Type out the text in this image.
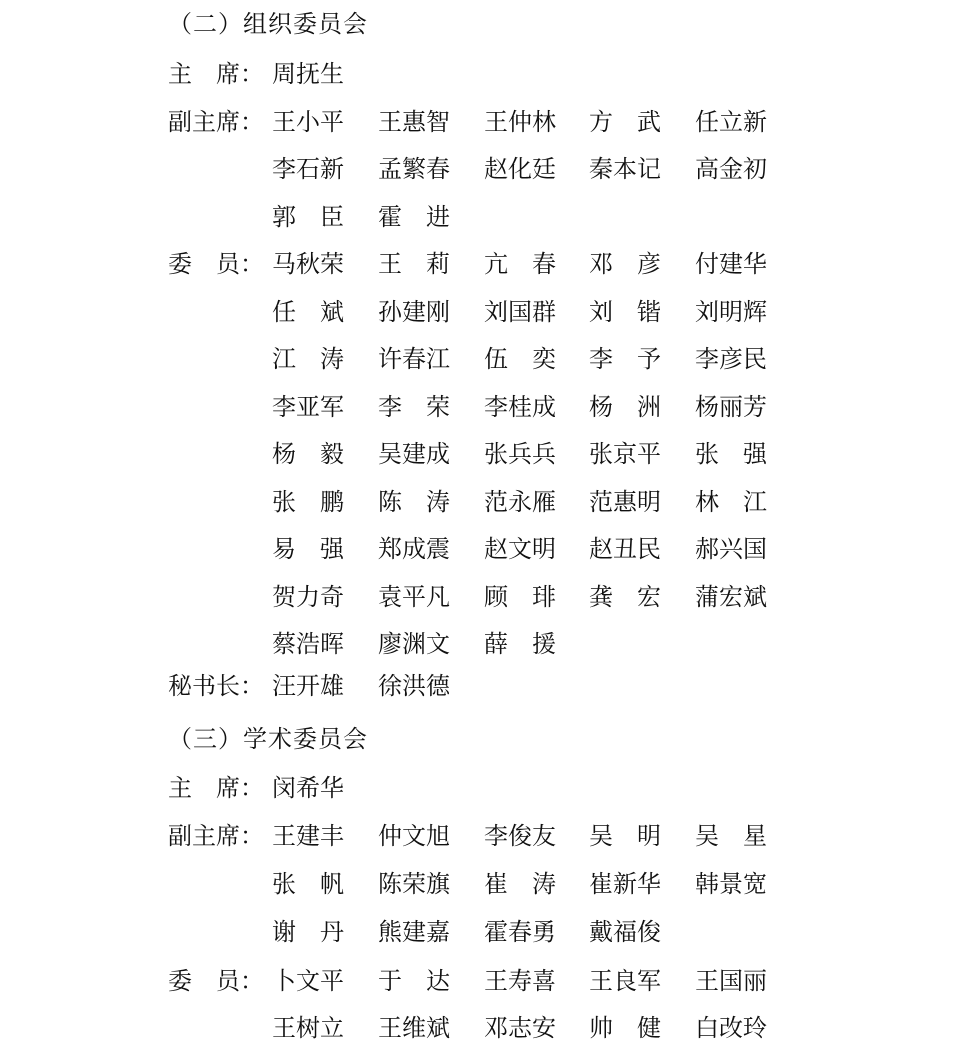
（二）组织委员会
主　席： 周抚生
副主席： 王小平	王惠智	王仲林	方　武	任立新
李石新	孟繁春	赵化廷	秦本记	高金初
郭　臣	霍　进
委　员： 马秋荣	王　莉	亢　春	邓　彦	付建华
任　斌	孙建刚	刘国群	刘　锴	刘明辉
江　涛	许春江	伍　奕	李　予	李彦民
李亚军	李　荣	李桂成	杨　洲	杨丽芳
杨　毅	吴建成	张兵兵	张京平	张　强
张　鹏	陈　涛	范永雁	范惠明	林　江
易　强	郑成震	赵文明	赵丑民	郝兴国
贺力奇	袁平凡	顾　琲	龚　宏	蒲宏斌
蔡浩晖	廖渊文	薛　援
秘书长： 汪开雄	徐洪德
（三）学术委员会
主　席： 闵希华
副主席： 王建丰	仲文旭	李俊友	吴　明	吴　星
张　帆	陈荣旗	崔　涛	崔新华	韩景宽
谢　丹	熊建嘉	霍春勇	戴福俊
委　员： 卜文平	于　达	王寿喜	王良军	王国丽
王树立	王维斌	邓志安	帅　健	白改玲
